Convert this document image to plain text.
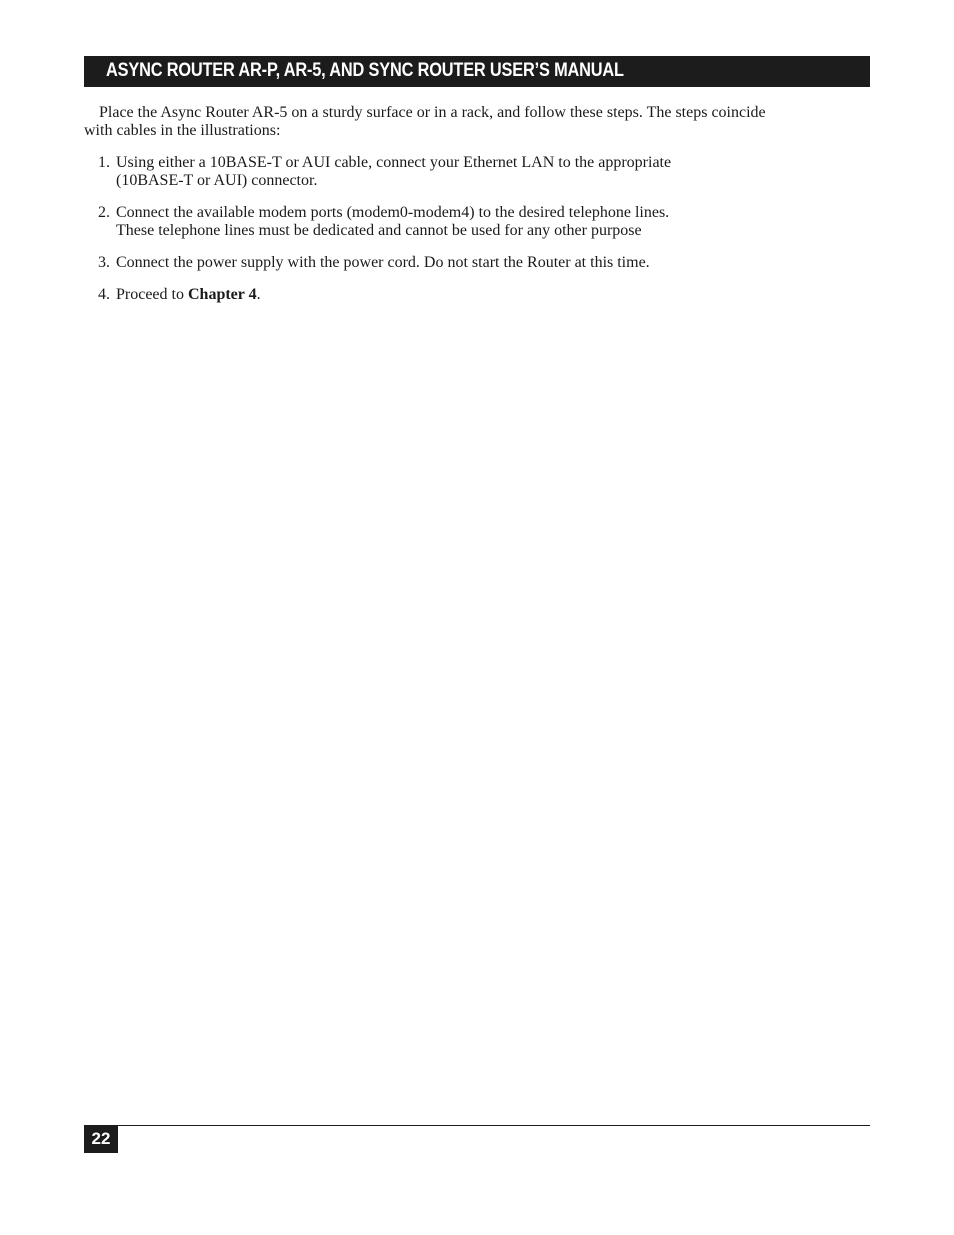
ASYNC ROUTER AR-P, AR-5, AND SYNC ROUTER USER’S MANUAL
Place the Async Router AR-5 on a sturdy surface or in a rack, and follow these steps. The steps coincide
with cables in the illustrations:
1. Using either a 10BASE-T or AUI cable, connect your Ethernet LAN to the appropriate
(10BASE-T or AUI) connector.
2. Connect the available modem ports (modem0-modem4) to the desired telephone lines.
These telephone lines must be dedicated and cannot be used for any other purpose
3. Connect the power supply with the power cord. Do not start the Router at this time.
4. Proceed to Chapter 4.
22
